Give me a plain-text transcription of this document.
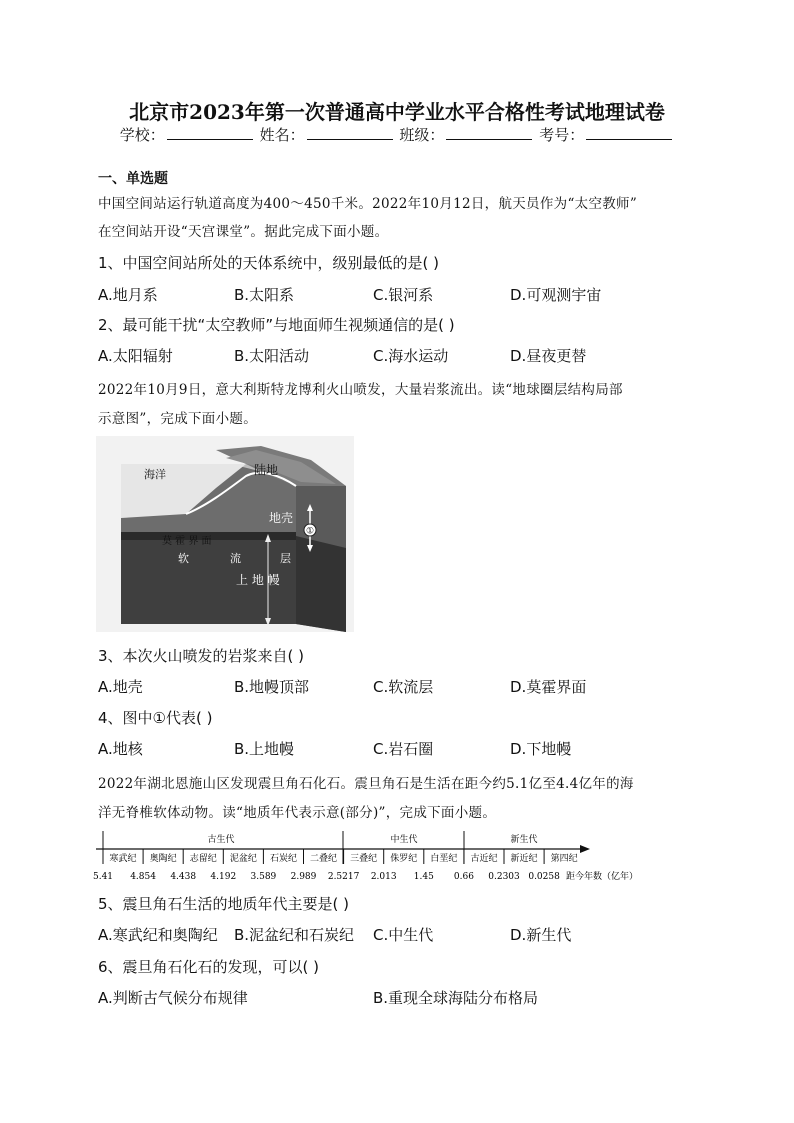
北京市2023年第一次普通高中学业水平合格性考试地理试卷
学校：	姓名：	班级：	考号：
一、单选题
中国空间站运行轨道高度为400～450千米。2022年10月12日，航天员作为“太空教师”
在空间站开设“天宫课堂”。据此完成下面小题。
1、中国空间站所处的天体系统中，级别最低的是( )
A.地月系	B.太阳系	C.银河系	D.可观测宇宙
2、最可能干扰“太空教师”与地面师生视频通信的是( )
A.太阳辐射	B.太阳活动	C.海水运动	D.昼夜更替
2022年10月9日，意大利斯特龙博利火山喷发，大量岩浆流出。读“地球圈层结构局部
示意图”，完成下面小题。
①
海洋	陆地
地壳
莫 霍 界 面
软	流	层
上 地 幔
3、本次火山喷发的岩浆来自( )
A.地壳	B.地幔顶部	C.软流层	D.莫霍界面
4、图中①代表( )
A.地核	B.上地幔	C.岩石圈	D.下地幔
2022年湖北恩施山区发现震旦角石化石。震旦角石是生活在距今约5.1亿至4.4亿年的海
洋无脊椎软体动物。读“地质年代表示意(部分)”，完成下面小题。
古生代	中生代	新生代
寒武纪 奥陶纪 志留纪 泥盆纪 石炭纪 二叠纪 三叠纪 侏罗纪 白垩纪 古近纪 新近纪 第四纪
5.41 4.854 4.438 4.192 3.589 2.989 2.5217 2.013 1.45 0.66 0.2303 0.0258 距今年数（亿年）
5、震旦角石生活的地质年代主要是( )
A.寒武纪和奥陶纪 B.泥盆纪和石炭纪 C.中生代	D.新生代
6、震旦角石化石的发现，可以( )
A.判断古气候分布规律	B.重现全球海陆分布格局
